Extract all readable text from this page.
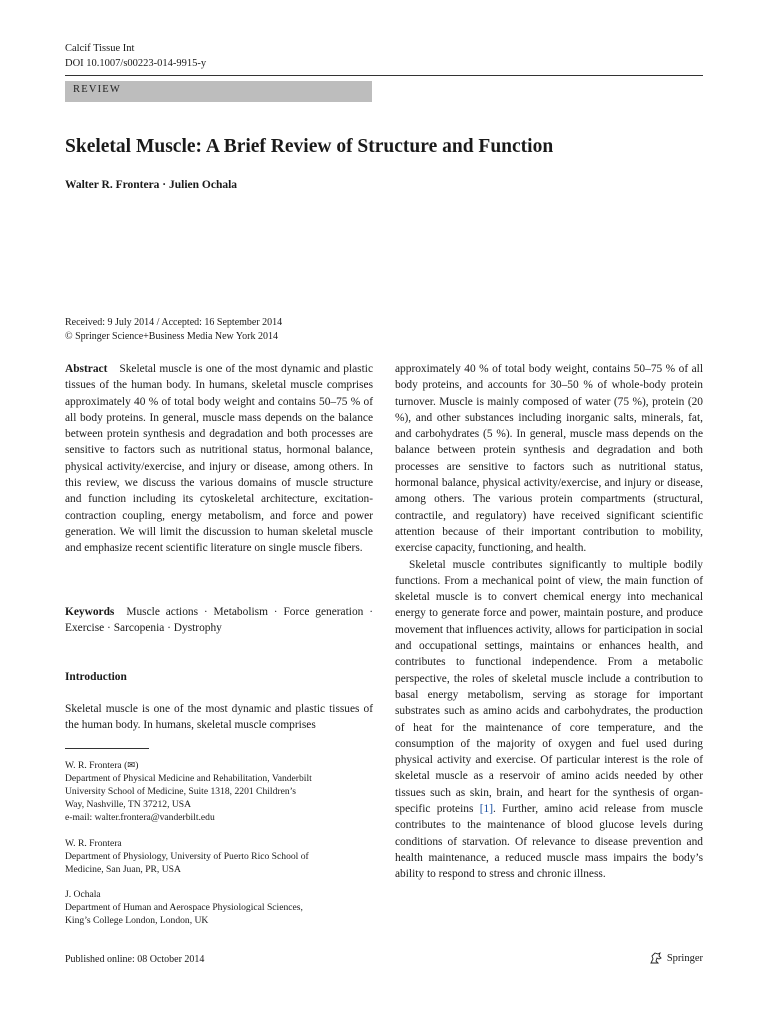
Calcif Tissue Int
DOI 10.1007/s00223-014-9915-y
REVIEW
Skeletal Muscle: A Brief Review of Structure and Function
Walter R. Frontera · Julien Ochala
Received: 9 July 2014 / Accepted: 16 September 2014
© Springer Science+Business Media New York 2014

Abstract Skeletal muscle is one of the most dynamic and plastic tissues of the human body. In humans, skeletal muscle comprises approximately 40 % of total body weight and contains 50–75 % of all body proteins. In general, muscle mass depends on the balance between protein synthesis and degradation and both processes are sensitive to factors such as nutritional status, hormonal balance, physical activity/exercise, and injury or disease, among others. In this review, we discuss the various domains of muscle structure and function including its cytoskeletal architecture, excitation-contraction coupling, energy metabolism, and force and power generation. We will limit the discussion to human skeletal muscle and emphasize recent scientific literature on single muscle fibers.

Keywords Muscle actions · Metabolism · Force generation · Exercise · Sarcopenia · Dystrophy

Introduction
Skeletal muscle is one of the most dynamic and plastic tissues of the human body. In humans, skeletal muscle comprises

W. R. Frontera (✉)

Department of Physical Medicine and Rehabilitation, Vanderbilt

University School of Medicine, Suite 1318, 2201 Children’s

Way, Nashville, TN 37212, USA

e-mail: walter.frontera@vanderbilt.edu

W. R. Frontera

Department of Physiology, University of Puerto Rico School of

Medicine, San Juan, PR, USA

J. Ochala

Department of Human and Aerospace Physiological Sciences,

King’s College London, London, UK

approximately 40 % of total body weight, contains 50–75 % of all body proteins, and accounts for 30–50 % of whole-body protein turnover. Muscle is mainly composed of water (75 %), protein (20 %), and other substances including inorganic salts, minerals, fat, and carbohydrates (5 %). In general, muscle mass depends on the balance between protein synthesis and degradation and both processes are sensitive to factors such as nutritional status, hormonal balance, physical activity/exercise, and injury or disease, among others. The various protein compartments (structural, contractile, and regulatory) have received significant scientific attention because of their important contribution to mobility, exercise capacity, functioning, and health.

Skeletal muscle contributes significantly to multiple bodily functions. From a mechanical point of view, the main function of skeletal muscle is to convert chemical energy into mechanical energy to generate force and power, maintain posture, and produce movement that influences activity, allows for participation in social and occupational settings, maintains or enhances health, and contributes to functional independence. From a metabolic perspective, the roles of skeletal muscle include a contribution to basal energy metabolism, serving as storage for important substrates such as amino acids and carbohydrates, the production of heat for the maintenance of core temperature, and the consumption of the majority of oxygen and fuel used during physical activity and exercise. Of particular interest is the role of skeletal muscle as a reservoir of amino acids needed by other tissues such as skin, brain, and heart for the synthesis of organ-specific proteins [1]. Further, amino acid release from muscle contributes to the maintenance of blood glucose levels during conditions of starvation. Of relevance to disease prevention and health maintenance, a reduced muscle mass impairs the body’s ability to respond to stress and chronic illness.

Published online: 08 October 2014	Springer
